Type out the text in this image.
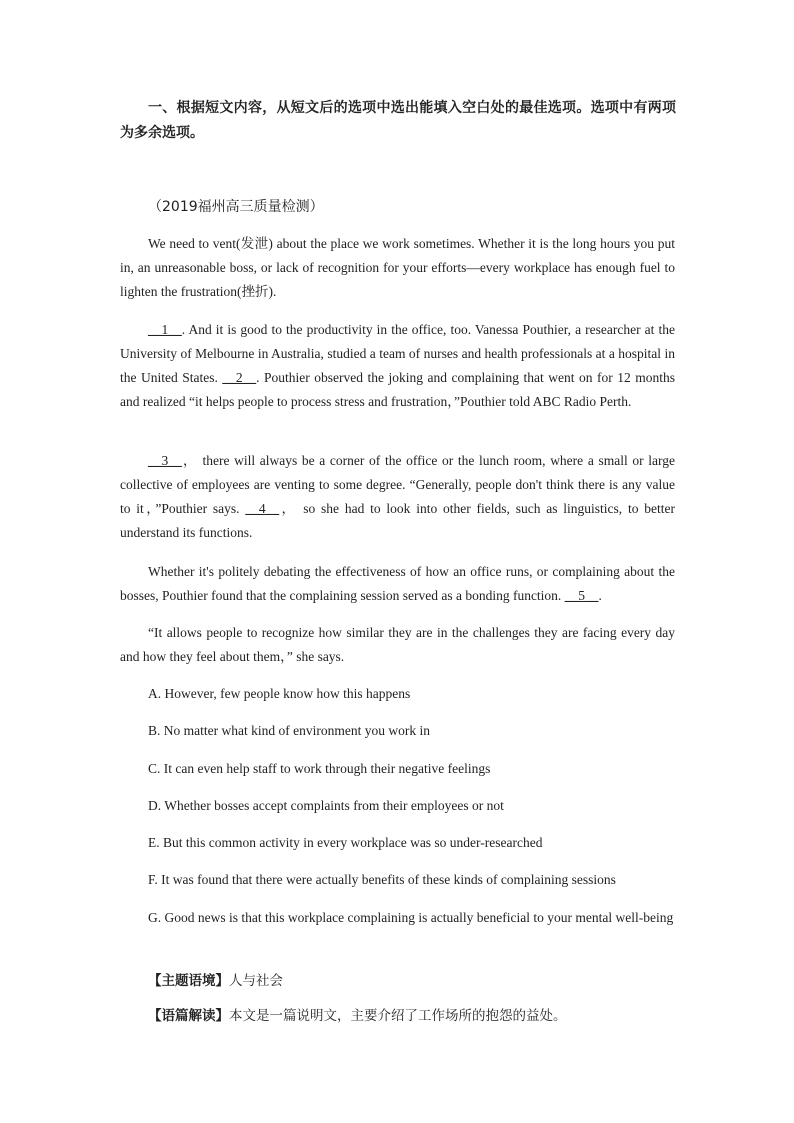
一、根据短文内容，从短文后的选项中选出能填入空白处的最佳选项。选项中有两项为多余选项。
（2019福州高三质量检测）
We need to vent(发泄) about the place we work sometimes. Whether it is the long hours you put in, an unreasonable boss, or lack of recognition for your efforts—every workplace has enough fuel to lighten the frustration(挫折).
__1__. And it is good to the productivity in the office, too. Vanessa Pouthier, a researcher at the University of Melbourne in Australia, studied a team of nurses and health professionals at a hospital in the United States. __2__. Pouthier observed the joking and complaining that went on for 12 months and realized “it helps people to process stress and frustration，”Pouthier told ABC Radio Perth.
__3__， there will always be a corner of the office or the lunch room, where a small or large collective of employees are venting to some degree. “Generally, people don't think there is any value to it，”Pouthier says. __4__， so she had to look into other fields, such as linguistics, to better understand its functions.
Whether it's politely debating the effectiveness of how an office runs, or complaining about the bosses, Pouthier found that the complaining session served as a bonding function. __5__.
“It allows people to recognize how similar they are in the challenges they are facing every day and how they feel about them，” she says.
A. However, few people know how this happens
B. No matter what kind of environment you work in
C. It can even help staff to work through their negative feelings
D. Whether bosses accept complaints from their employees or not
E. But this common activity in every workplace was so under-researched
F. It was found that there were actually benefits of these kinds of complaining sessions
G. Good news is that this workplace complaining is actually beneficial to your mental well-being
【主题语境】人与社会
【语篇解读】本文是一篇说明文，主要介绍了工作场所的抱怨的益处。
